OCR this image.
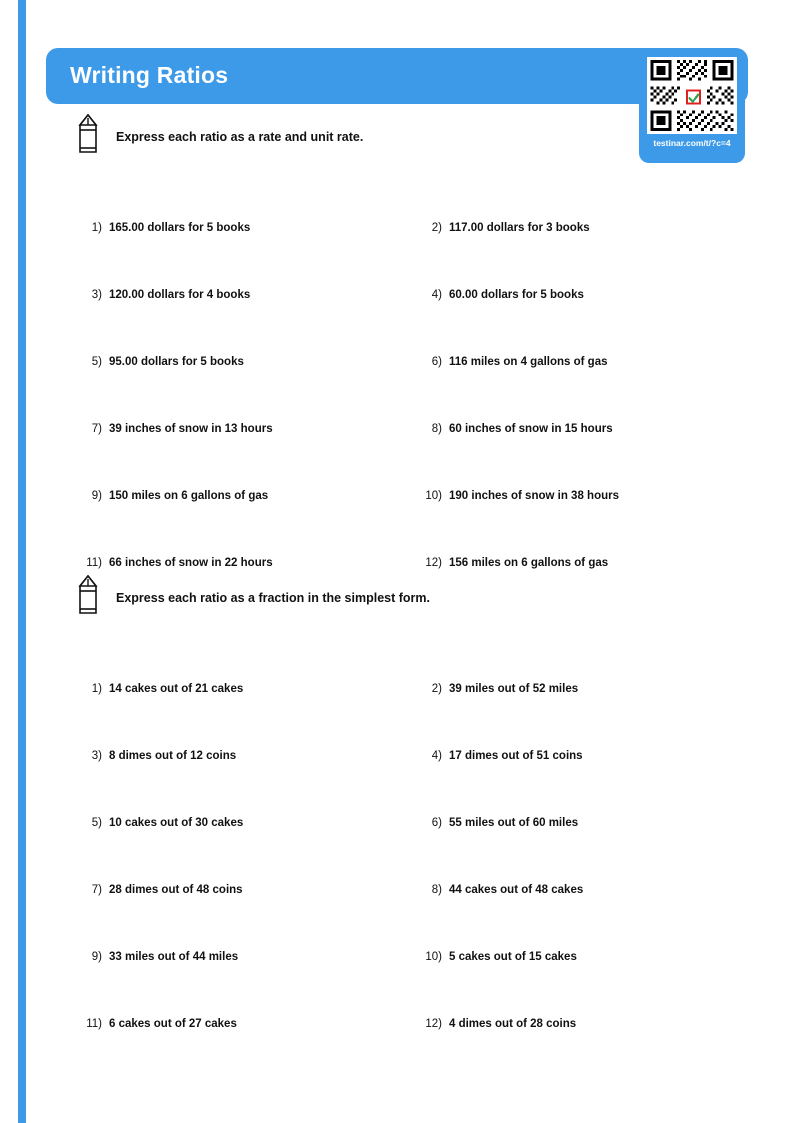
Writing Ratios
testinar.com/t/?c=4
Express each ratio as a rate and unit rate.
1) 165.00 dollars for 5 books	2) 117.00 dollars for 3 books
3) 120.00 dollars for 4 books	4) 60.00 dollars for 5 books
5) 95.00 dollars for 5 books	6) 116 miles on 4 gallons of gas
7) 39 inches of snow in 13 hours	8) 60 inches of snow in 15 hours
9) 150 miles on 6 gallons of gas	10) 190 inches of snow in 38 hours
11) 66 inches of snow in 22 hours	12) 156 miles on 6 gallons of gas
Express each ratio as a fraction in the simplest form.
1) 14 cakes out of 21 cakes	2) 39 miles out of 52 miles
3) 8 dimes out of 12 coins	4) 17 dimes out of 51 coins
5) 10 cakes out of 30 cakes	6) 55 miles out of 60 miles
7) 28 dimes out of 48 coins	8) 44 cakes out of 48 cakes
9) 33 miles out of 44 miles	10) 5 cakes out of 15 cakes
11) 6 cakes out of 27 cakes	12) 4 dimes out of 28 coins
